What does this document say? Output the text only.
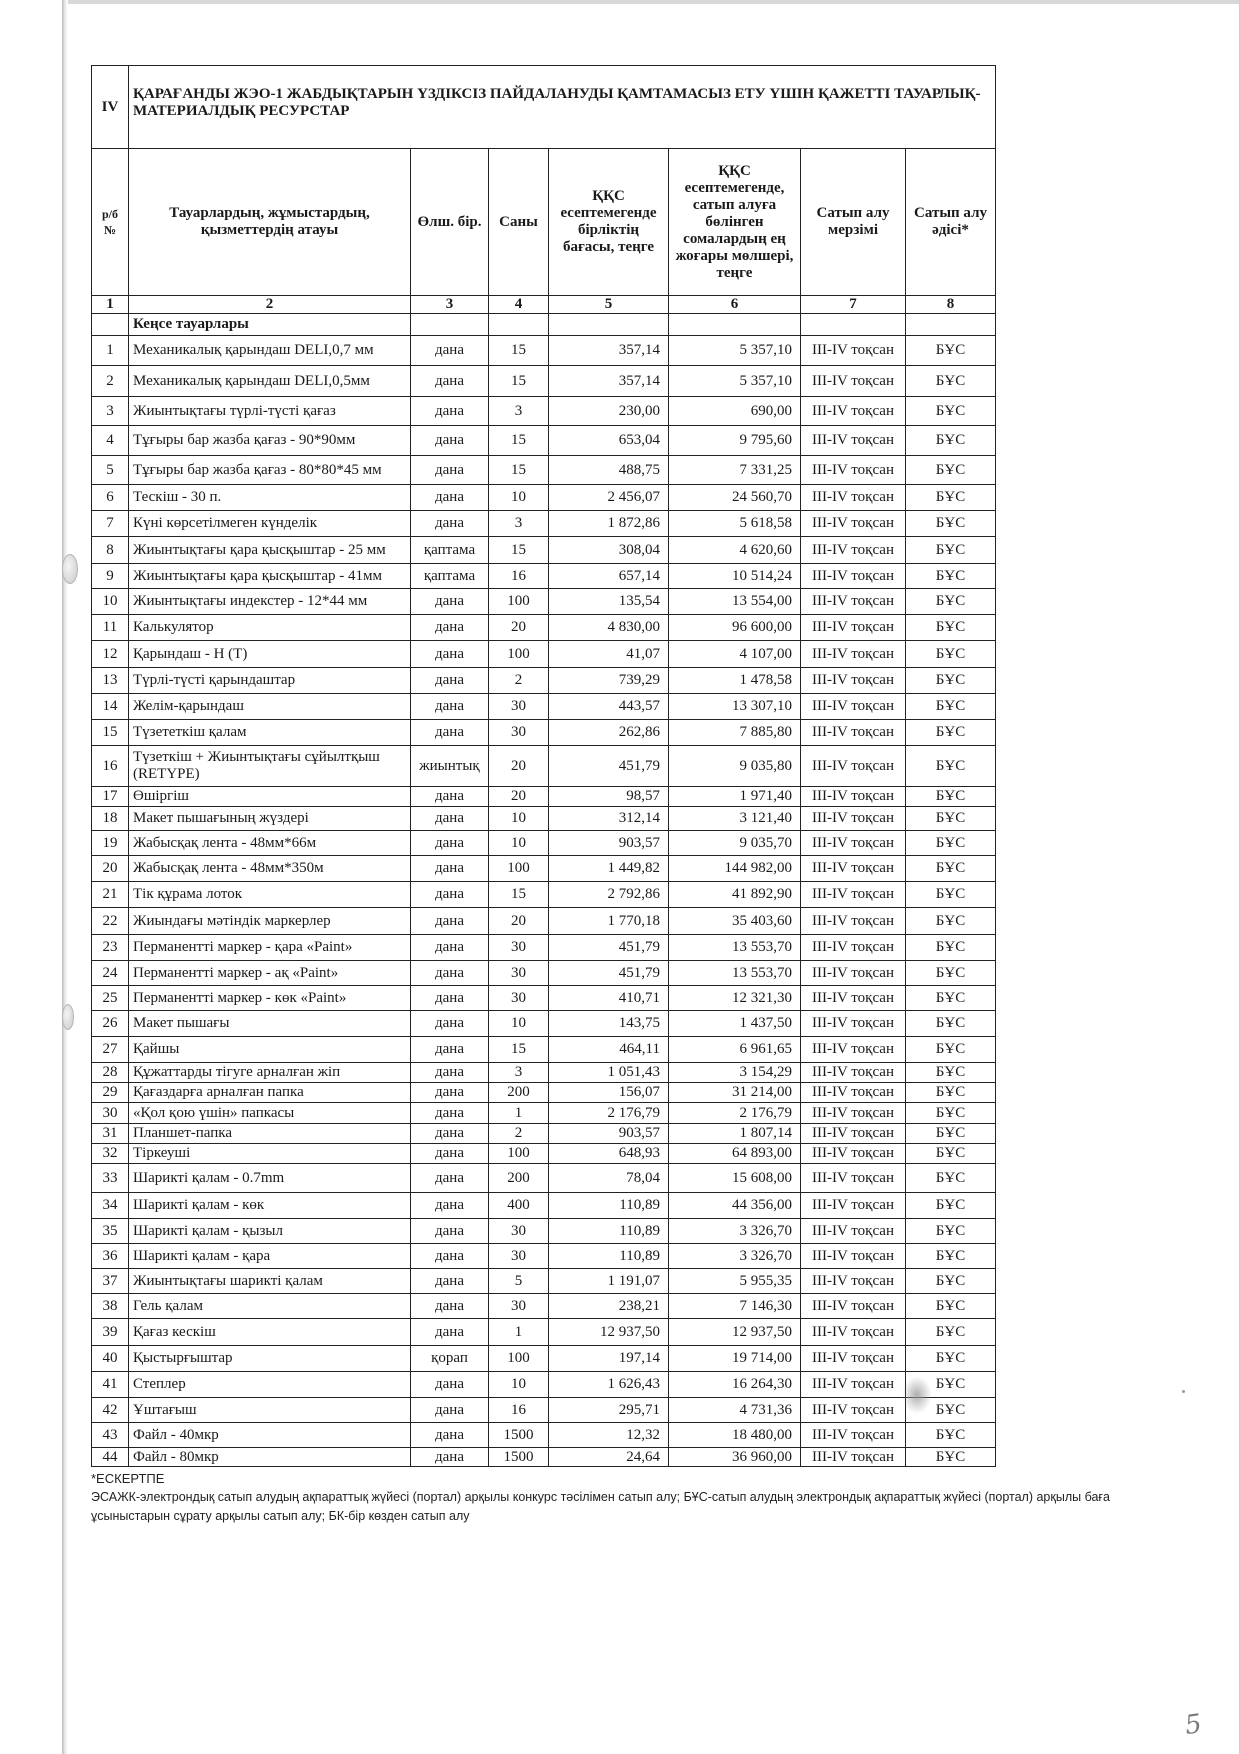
IV	ҚАРАҒАНДЫ ЖЭО-1 ЖАБДЫҚТАРЫН ҮЗДІКСІЗ ПАЙДАЛАНУДЫ ҚАМТАМАСЫЗ ЕТУ ҮШІН ҚАЖЕТТІ ТАУАРЛЫҚ-МАТЕРИАЛДЫҚ РЕСУРСТАР						
р/б №	Тауарлардың, жұмыстардың, қызметтердің атауы	Өлш. бір.	Саны	ҚҚС есептемегенде бірліктің бағасы, теңге	ҚҚС есептемегенде, сатып алуға бөлінген сомалардың ең жоғары мөлшері, теңге	Сатып алу мерзімі	Сатып алу әдісі*
1	2	3	4	5	6	7	8
	Кеңсе тауарлары						
1	Механикалық қарындаш DELI,0,7 мм	дана	15	357,14	5 357,10	III-IV тоқсан	БҰС
2	Механикалық қарындаш DELI,0,5мм	дана	15	357,14	5 357,10	III-IV тоқсан	БҰС
3	Жиынтықтағы түрлі-түсті қағаз	дана	3	230,00	690,00	III-IV тоқсан	БҰС
4	Тұғыры бар жазба қағаз - 90*90мм	дана	15	653,04	9 795,60	III-IV тоқсан	БҰС
5	Тұғыры бар жазба қағаз - 80*80*45 мм	дана	15	488,75	7 331,25	III-IV тоқсан	БҰС
6	Тескіш - 30 п.	дана	10	2 456,07	24 560,70	III-IV тоқсан	БҰС
7	Күні көрсетілмеген күнделік	дана	3	1 872,86	5 618,58	III-IV тоқсан	БҰС
8	Жиынтықтағы қара қысқыштар - 25 мм	қаптама	15	308,04	4 620,60	III-IV тоқсан	БҰС
9	Жиынтықтағы қара қысқыштар - 41мм	қаптама	16	657,14	10 514,24	III-IV тоқсан	БҰС
10	Жиынтықтағы индекстер - 12*44 мм	дана	100	135,54	13 554,00	III-IV тоқсан	БҰС
11	Калькулятор	дана	20	4 830,00	96 600,00	III-IV тоқсан	БҰС
12	Қарындаш - H (T)	дана	100	41,07	4 107,00	III-IV тоқсан	БҰС
13	Түрлі-түсті қарындаштар	дана	2	739,29	1 478,58	III-IV тоқсан	БҰС
14	Желім-қарындаш	дана	30	443,57	13 307,10	III-IV тоқсан	БҰС
15	Түзететкіш қалам	дана	30	262,86	7 885,80	III-IV тоқсан	БҰС
16	Түзеткіш + Жиынтықтағы сұйылтқыш (RETYPE)	жиынтық	20	451,79	9 035,80	III-IV тоқсан	БҰС
17	Өшіргіш	дана	20	98,57	1 971,40	III-IV тоқсан	БҰС
18	Макет пышағының жүздері	дана	10	312,14	3 121,40	III-IV тоқсан	БҰС
19	Жабысқақ лента - 48мм*66м	дана	10	903,57	9 035,70	III-IV тоқсан	БҰС
20	Жабысқақ лента - 48мм*350м	дана	100	1 449,82	144 982,00	III-IV тоқсан	БҰС
21	Тік құрама лоток	дана	15	2 792,86	41 892,90	III-IV тоқсан	БҰС
22	Жиындағы мәтіндік маркерлер	дана	20	1 770,18	35 403,60	III-IV тоқсан	БҰС
23	Перманентті маркер - қара «Paint»	дана	30	451,79	13 553,70	III-IV тоқсан	БҰС
24	Перманентті маркер - ақ «Paint»	дана	30	451,79	13 553,70	III-IV тоқсан	БҰС
25	Перманентті маркер - көк «Paint»	дана	30	410,71	12 321,30	III-IV тоқсан	БҰС
26	Макет пышағы	дана	10	143,75	1 437,50	III-IV тоқсан	БҰС
27	Қайшы	дана	15	464,11	6 961,65	III-IV тоқсан	БҰС
28	Құжаттарды тігуге арналған жіп	дана	3	1 051,43	3 154,29	III-IV тоқсан	БҰС
29	Қағаздарға арналған папка	дана	200	156,07	31 214,00	III-IV тоқсан	БҰС
30	«Қол қою үшін» папкасы	дана	1	2 176,79	2 176,79	III-IV тоқсан	БҰС
31	Планшет-папка	дана	2	903,57	1 807,14	III-IV тоқсан	БҰС
32	Тіркеуші	дана	100	648,93	64 893,00	III-IV тоқсан	БҰС
33	Шарикті қалам - 0.7mm	дана	200	78,04	15 608,00	III-IV тоқсан	БҰС
34	Шарикті қалам - көк	дана	400	110,89	44 356,00	III-IV тоқсан	БҰС
35	Шарикті қалам - қызыл	дана	30	110,89	3 326,70	III-IV тоқсан	БҰС
36	Шарикті қалам - қара	дана	30	110,89	3 326,70	III-IV тоқсан	БҰС
37	Жиынтықтағы шарикті қалам	дана	5	1 191,07	5 955,35	III-IV тоқсан	БҰС
38	Гель қалам	дана	30	238,21	7 146,30	III-IV тоқсан	БҰС
39	Қағаз кескіш	дана	1	12 937,50	12 937,50	III-IV тоқсан	БҰС
40	Қыстырғыштар	қорап	100	197,14	19 714,00	III-IV тоқсан	БҰС
41	Степлер	дана	10	1 626,43	16 264,30	III-IV тоқсан	БҰС
42	Ұштағыш	дана	16	295,71	4 731,36	III-IV тоқсан	БҰС
43	Файл - 40мкр	дана	1500	12,32	18 480,00	III-IV тоқсан	БҰС
44	Файл - 80мкр	дана	1500	24,64	36 960,00	III-IV тоқсан	БҰС
*ЕСКЕРТПЕ
ЭСАЖК-электрондық сатып алудың ақпараттық жүйесі (портал) арқылы конкурс тәсілімен сатып алу; БҰС-сатып алудың электрондық ақпараттық жүйесі (портал) арқылы баға ұсыныстарын сұрату арқылы сатып алу; БК-бір көзден сатып алу
5
